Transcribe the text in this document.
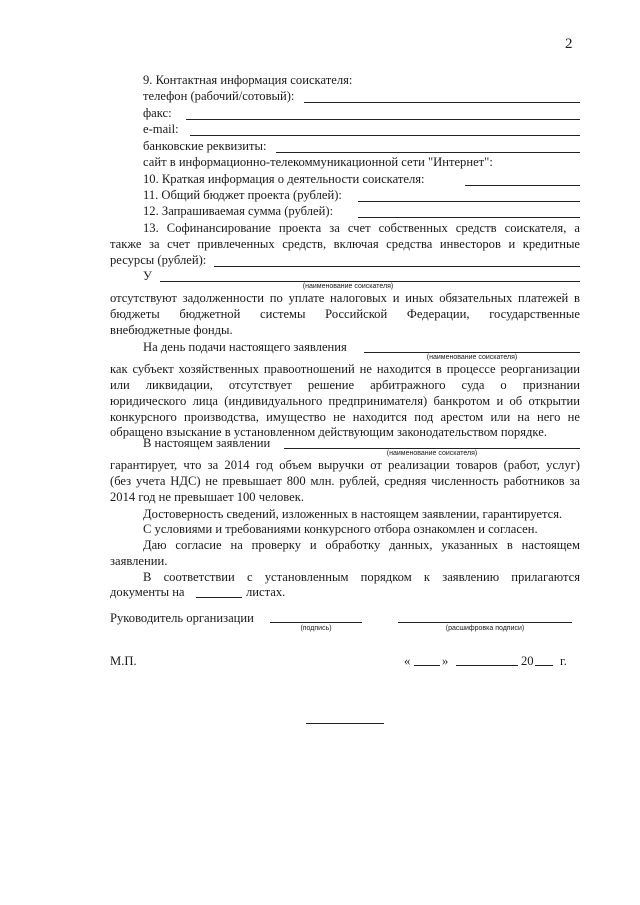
2
9. Контактная информация соискателя:
телефон (рабочий/сотовый):
факс:
e-mail:
банковские реквизиты:
сайт в информационно-телекоммуникационной сети "Интернет":
10. Краткая информация о деятельности соискателя:
11. Общий бюджет проекта (рублей):
12. Запрашиваемая сумма (рублей):
13. Софинансирование проекта за счет собственных средств соискателя, а
также за счет привлеченных средств, включая средства инвесторов и кредитные
ресурсы (рублей):
У
(наименование соискателя)
отсутствуют задолженности по уплате налоговых и иных обязательных платежей в
бюджеты бюджетной системы Российской Федерации, государственные
внебюджетные фонды.
На день подачи настоящего заявления
(наименование соискателя)
как субъект хозяйственных правоотношений не находится в процессе реорганизации
или ликвидации, отсутствует решение арбитражного суда о признании
юридического лица (индивидуального предпринимателя) банкротом и об открытии
конкурсного производства, имущество не находится под арестом или на него не
обращено взыскание в установленном действующим законодательством порядке.
В настоящем заявлении
(наименование соискателя)
гарантирует, что за 2014 год объем выручки от реализации товаров (работ, услуг)
(без учета НДС) не превышает 800 млн. рублей, средняя численность работников за
2014 год не превышает 100 человек.
Достоверность сведений, изложенных в настоящем заявлении, гарантируется.
С условиями и требованиями конкурсного отбора ознакомлен и согласен.
Даю согласие на проверку и обработку данных, указанных в настоящем
заявлении.
В соответствии с установленным порядком к заявлению прилагаются
документы на	листах.
Руководитель организации
(подпись)	(расшифровка подписи)
М.П.	«	»	20 г.
